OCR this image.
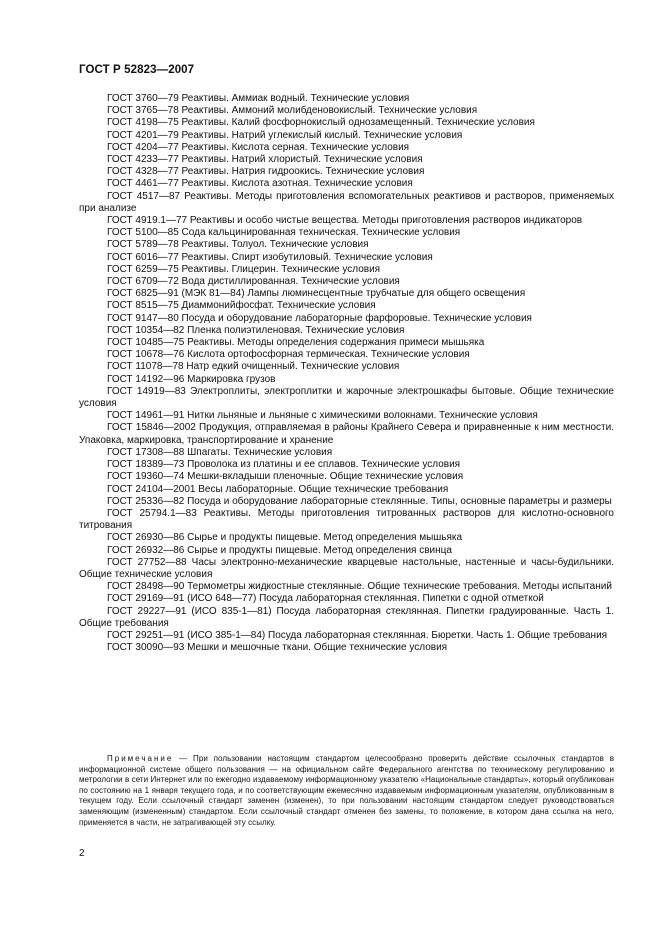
ГОСТ Р 52823—2007

ГОСТ 3760—79 Реактивы. Аммиак водный. Технические условия

ГОСТ 3765—78 Реактивы. Аммоний молибденовокислый. Технические условия

ГОСТ 4198—75 Реактивы. Калий фосфорнокислый однозамещенный. Технические условия

ГОСТ 4201—79 Реактивы. Натрий углекислый кислый. Технические условия

ГОСТ 4204—77 Реактивы. Кислота серная. Технические условия

ГОСТ 4233—77 Реактивы. Натрий хлористый. Технические условия

ГОСТ 4328—77 Реактивы. Натрия гидроокись. Технические условия

ГОСТ 4461—77 Реактивы. Кислота азотная. Технические условия

ГОСТ 4517—87 Реактивы. Методы приготовления вспомогательных реактивов и растворов, применяемых при анализе

ГОСТ 4919.1—77 Реактивы и особо чистые вещества. Методы приготовления растворов индикаторов

ГОСТ 5100—85 Сода кальцинированная техническая. Технические условия

ГОСТ 5789—78 Реактивы. Толуол. Технические условия

ГОСТ 6016—77 Реактивы. Спирт изобутиловый. Технические условия

ГОСТ 6259—75 Реактивы. Глицерин. Технические условия

ГОСТ 6709—72 Вода дистиллированная. Технические условия

ГОСТ 6825—91 (МЭК 81—84) Лампы люминесцентные трубчатые для общего освещения

ГОСТ 8515—75 Диаммонийфосфат. Технические условия

ГОСТ 9147—80 Посуда и оборудование лабораторные фарфоровые. Технические условия

ГОСТ 10354—82 Пленка полиэтиленовая. Технические условия

ГОСТ 10485—75 Реактивы. Методы определения содержания примеси мышьяка

ГОСТ 10678—76 Кислота ортофосфорная термическая. Технические условия

ГОСТ 11078—78 Натр едкий очищенный. Технические условия

ГОСТ 14192—96 Маркировка грузов

ГОСТ 14919—83 Электроплиты, электроплитки и жарочные электрошкафы бытовые. Общие технические условия

ГОСТ 14961—91 Нитки льняные и льняные с химическими волокнами. Технические условия

ГОСТ 15846—2002 Продукция, отправляемая в районы Крайнего Севера и приравненные к ним местности. Упаковка, маркировка, транспортирование и хранение

ГОСТ 17308—88 Шпагаты. Технические условия

ГОСТ 18389—73 Проволока из платины и ее сплавов. Технические условия

ГОСТ 19360—74 Мешки-вкладыши пленочные. Общие технические условия

ГОСТ 24104—2001 Весы лабораторные. Общие технические требования

ГОСТ 25336—82 Посуда и оборудование лабораторные стеклянные. Типы, основные параметры и размеры

ГОСТ 25794.1—83 Реактивы. Методы приготовления титрованных растворов для кислотно-основного титрования

ГОСТ 26930—86 Сырье и продукты пищевые. Метод определения мышьяка

ГОСТ 26932—86 Сырье и продукты пищевые. Метод определения свинца

ГОСТ 27752—88 Часы электронно-механические кварцевые настольные, настенные и часы-будильники. Общие технические условия

ГОСТ 28498—90 Термометры жидкостные стеклянные. Общие технические требования. Методы испытаний

ГОСТ 29169—91 (ИСО 648—77) Посуда лабораторная стеклянная. Пипетки с одной отметкой

ГОСТ 29227—91 (ИСО 835-1—81) Посуда лабораторная стеклянная. Пипетки градуированные. Часть 1. Общие требования

ГОСТ 29251—91 (ИСО 385-1—84) Посуда лабораторная стеклянная. Бюретки. Часть 1. Общие требования

ГОСТ 30090—93 Мешки и мешочные ткани. Общие технические условия

Примечание — При пользовании настоящим стандартом целесообразно проверить действие ссылочных стандартов в информационной системе общего пользования — на официальном сайте Федерального агентства по техническому регулированию и метрологии в сети Интернет или по ежегодно издаваемому информационному указателю «Национальные стандарты», который опубликован по состоянию на 1 января текущего года, и по соответствующим ежемесячно издаваемым информационным указателям, опубликованным в текущем году. Если ссылочный стандарт заменен (изменен), то при пользовании настоящим стандартом следует руководствоваться заменяющим (измененным) стандартом. Если ссылочный стандарт отменен без замены, то положение, в котором дана ссылка на него, применяется в части, не затрагивающей эту ссылку.

2
